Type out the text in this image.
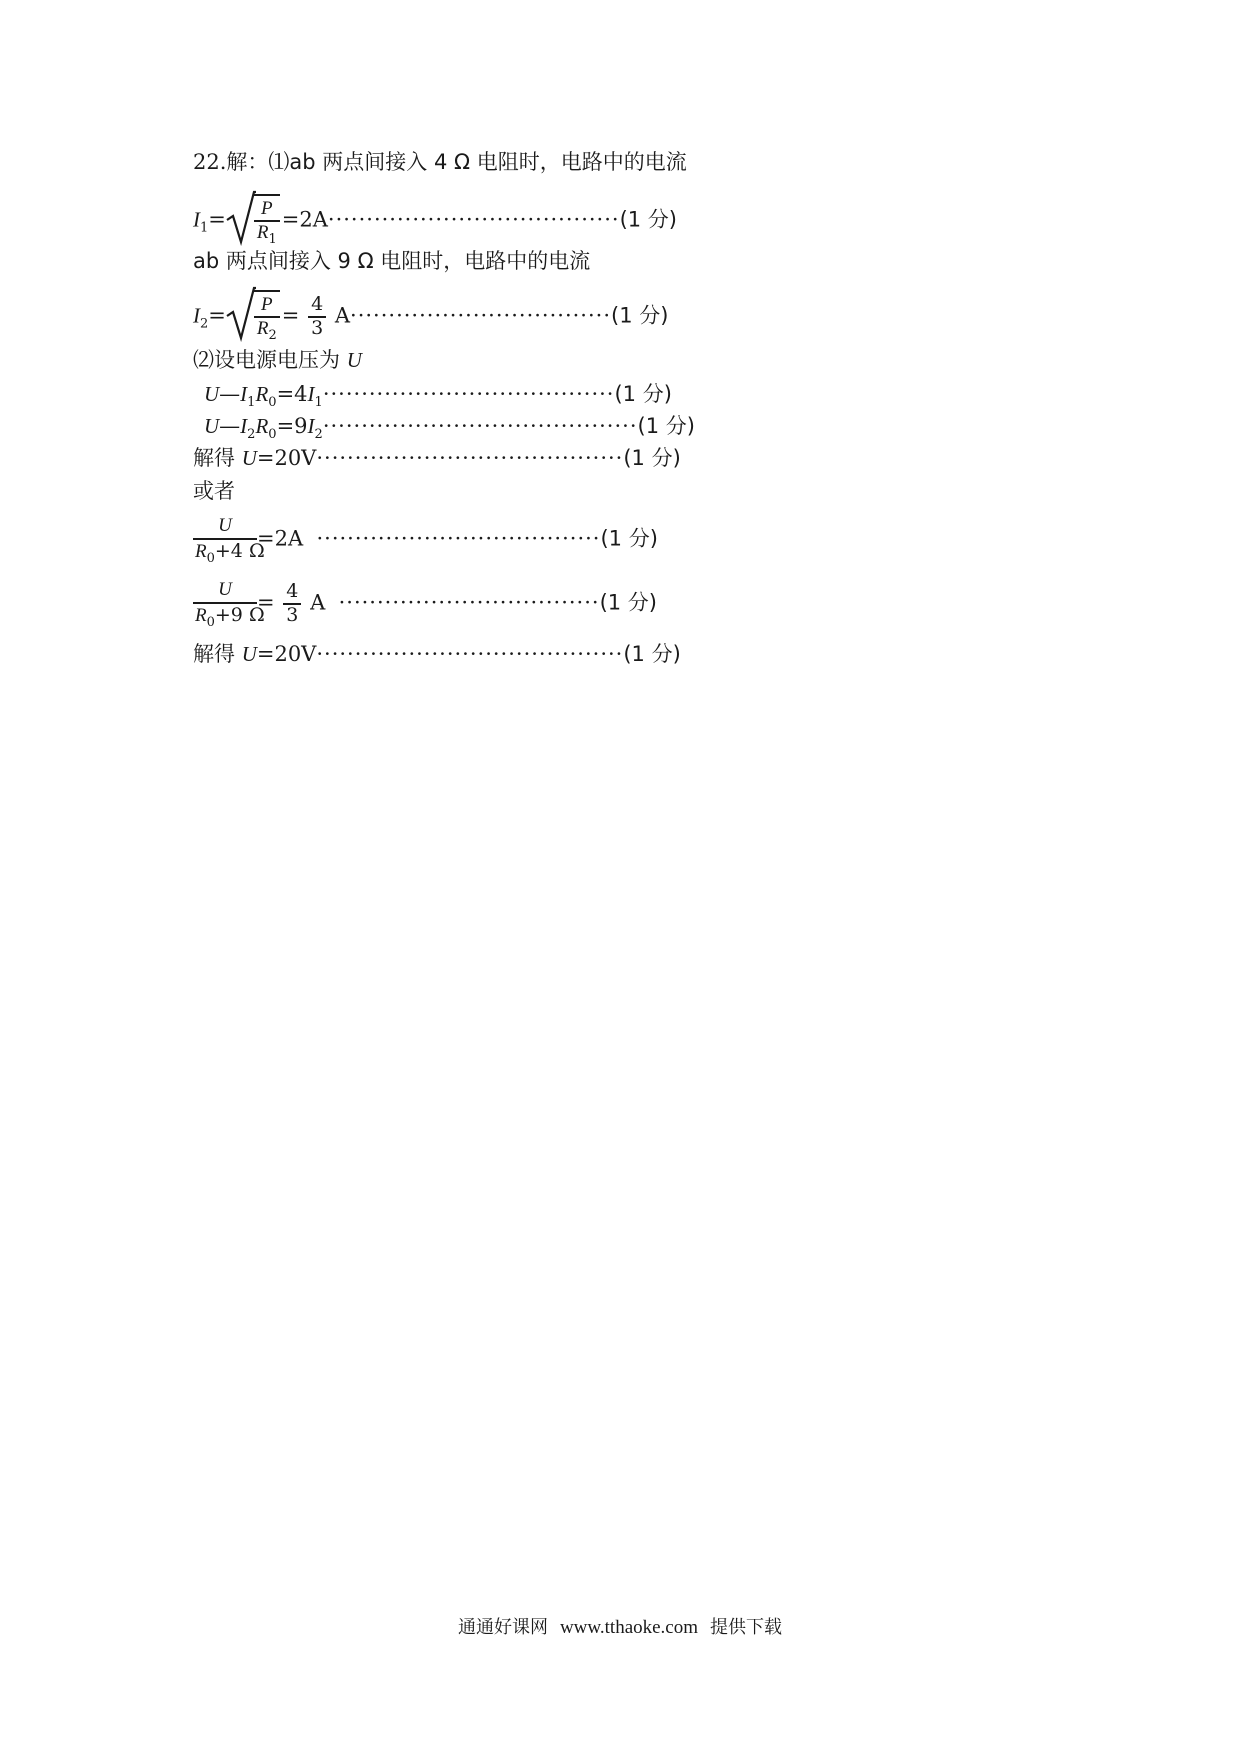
22.解：⑴ab 两点间接入 4 Ω 电阻时，电路中的电流
$I_1= \frac{P}{R_1} =2A\cdot\cdot\cdot\cdot\cdot\cdot\cdot\cdot\cdot\cdot\cdot\cdot\cdot\cdot\cdot\cdot\cdot\cdot\cdot\cdot\cdot\cdot\cdot\cdot\cdot\cdot\cdot\cdot\cdot\cdot\cdot\cdot\cdot\cdot\cdot\cdot\cdot\cdot(1$ 分)
ab 两点间接入 9 Ω 电阻时，电路中的电流
$I_2= \frac{P}{R_2} = \frac{4}{3} A\cdot\cdot\cdot\cdot\cdot\cdot\cdot\cdot\cdot\cdot\cdot\cdot\cdot\cdot\cdot\cdot\cdot\cdot\cdot\cdot\cdot\cdot\cdot\cdot\cdot\cdot\cdot\cdot\cdot\cdot\cdot\cdot\cdot\cdot(1$ 分)
⑵设电源电压为 U
$U—I_1R_0=4I_1\cdot\cdot\cdot\cdot\cdot\cdot\cdot\cdot\cdot\cdot\cdot\cdot\cdot\cdot\cdot\cdot\cdot\cdot\cdot\cdot\cdot\cdot\cdot\cdot\cdot\cdot\cdot\cdot\cdot\cdot\cdot\cdot\cdot\cdot\cdot\cdot\cdot\cdot(1$ 分)
$U—I_2R_0=9I_2\cdot\cdot\cdot\cdot\cdot\cdot\cdot\cdot\cdot\cdot\cdot\cdot\cdot\cdot\cdot\cdot\cdot\cdot\cdot\cdot\cdot\cdot\cdot\cdot\cdot\cdot\cdot\cdot\cdot\cdot\cdot\cdot\cdot\cdot\cdot\cdot\cdot\cdot\cdot\cdot\cdot(1$ 分)
解得 U=20V········································(1 分)
或者
$\frac{U}{R_0+4 \Omega} =2A \cdot\cdot\cdot\cdot\cdot\cdot\cdot\cdot\cdot\cdot\cdot\cdot\cdot\cdot\cdot\cdot\cdot\cdot\cdot\cdot\cdot\cdot\cdot\cdot\cdot\cdot\cdot\cdot\cdot\cdot\cdot\cdot\cdot\cdot\cdot\cdot\cdot(1$ 分)
$\frac{U}{R_0+9 \Omega} = \frac{4}{3}$ A ··································(1 分)
解得 U=20V········································(1 分)
通通好课网 www.tthaoke.com 提供下载
